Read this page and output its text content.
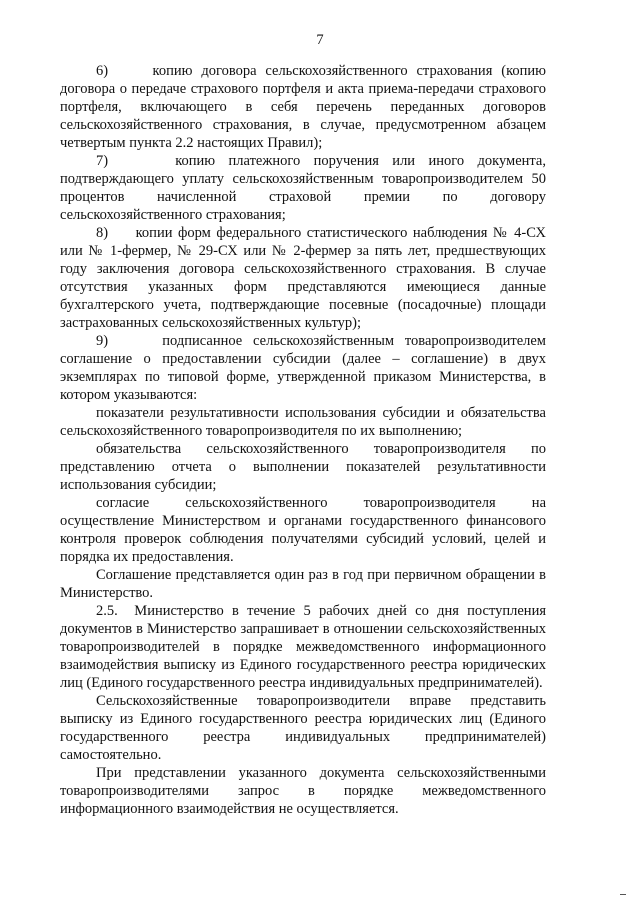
7

6)     копию договора сельскохозяйственного страхования (копию договора о передаче страхового портфеля и акта приема-передачи страхового портфеля, включающего в себя перечень переданных договоров сельскохозяйственного страхования, в случае, предусмотренном абзацем четвертым пункта 2.2 настоящих Правил);

7)     копию платежного поручения или иного документа, подтверждающего уплату сельскохозяйственным товаропроизводителем 50 процентов начисленной страховой премии по договору сельскохозяйственного страхования;

8)     копии форм федерального статистического наблюдения № 4-СХ или № 1-фермер, № 29-СХ или № 2-фермер за пять лет, предшествующих году заключения договора сельскохозяйственного страхования. В случае отсутствия указанных форм представляются имеющиеся данные бухгалтерского учета, подтверждающие посевные (посадочные) площади застрахованных сельскохозяйственных культур);

9)     подписанное сельскохозяйственным товаропроизводителем соглашение о предоставлении субсидии (далее – соглашение) в двух экземплярах по типовой форме, утвержденной приказом Министерства, в котором указываются:

показатели результативности использования субсидии и обязательства сельскохозяйственного товаропроизводителя по их выполнению;

обязательства сельскохозяйственного товаропроизводителя по представлению отчета о выполнении показателей результативности использования субсидии;

согласие сельскохозяйственного товаропроизводителя на осуществление Министерством и органами государственного финансового контроля проверок соблюдения получателями субсидий условий, целей и порядка их предоставления.

Соглашение представляется один раз в год при первичном обращении в Министерство.

2.5.  Министерство в течение 5 рабочих дней со дня поступления документов в Министерство запрашивает в отношении сельскохозяйственных товаропроизводителей в порядке межведомственного информационного взаимодействия выписку из Единого государственного реестра юридических лиц (Единого государственного реестра индивидуальных предпринимателей).

Сельскохозяйственные товаропроизводители вправе представить выписку из Единого государственного реестра юридических лиц (Единого государственного реестра индивидуальных предпринимателей) самостоятельно.

При представлении указанного документа сельскохозяйственными товаропроизводителями запрос в порядке межведомственного информационного взаимодействия не осуществляется.
